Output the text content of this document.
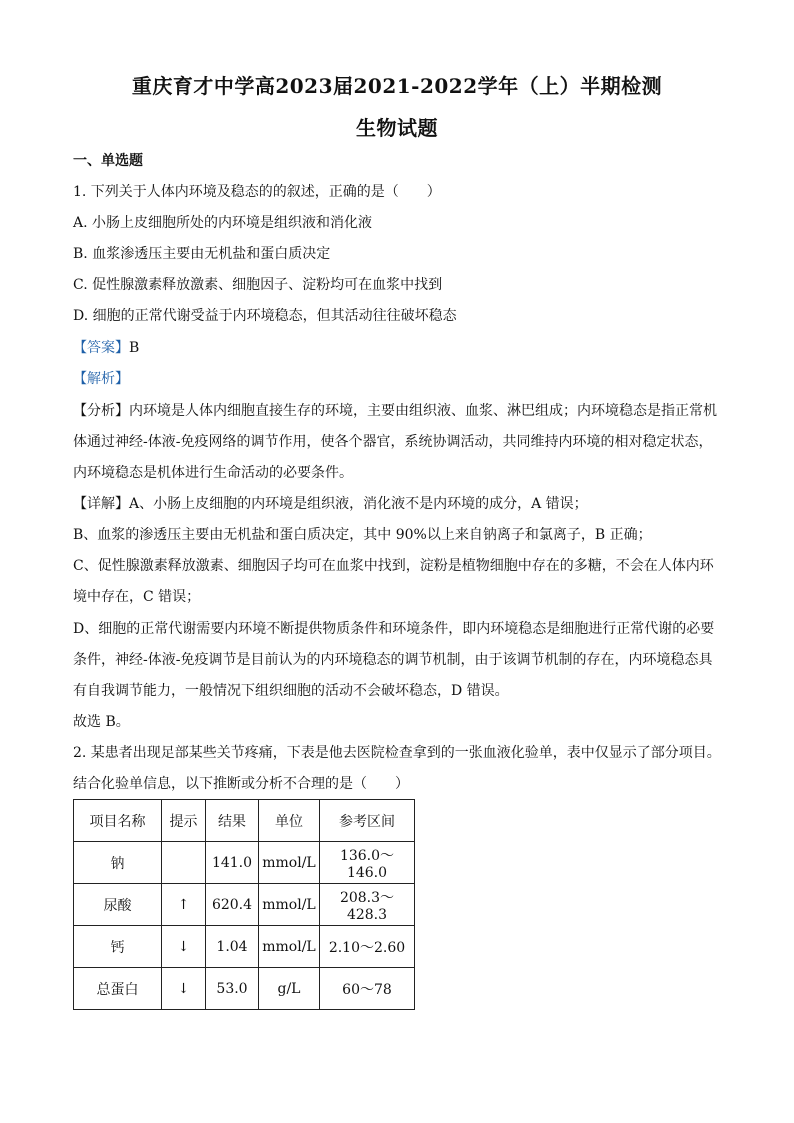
重庆育才中学高2023届2021-2022学年（上）半期检测
生物试题
一、单选题
1. 下列关于人体内环境及稳态的的叙述，正确的是（　　）
A. 小肠上皮细胞所处的内环境是组织液和消化液
B. 血浆渗透压主要由无机盐和蛋白质决定
C. 促性腺激素释放激素、细胞因子、淀粉均可在血浆中找到
D. 细胞的正常代谢受益于内环境稳态，但其活动往往破坏稳态
【答案】B
【解析】
【分析】内环境是人体内细胞直接生存的环境，主要由组织液、血浆、淋巴组成；内环境稳态是指正常机
体通过神经-体液-免疫网络的调节作用，使各个器官，系统协调活动，共同维持内环境的相对稳定状态，
内环境稳态是机体进行生命活动的必要条件。
【详解】A、小肠上皮细胞的内环境是组织液，消化液不是内环境的成分，A 错误；
B、血浆的渗透压主要由无机盐和蛋白质决定，其中 90%以上来自钠离子和氯离子，B 正确；
C、促性腺激素释放激素、细胞因子均可在血浆中找到，淀粉是植物细胞中存在的多糖，不会在人体内环
境中存在，C 错误；
D、细胞的正常代谢需要内环境不断提供物质条件和环境条件，即内环境稳态是细胞进行正常代谢的必要
条件，神经-体液-免疫调节是目前认为的内环境稳态的调节机制，由于该调节机制的存在，内环境稳态具
有自我调节能力，一般情况下组织细胞的活动不会破坏稳态，D 错误。
故选 B。
2. 某患者出现足部某些关节疼痛，下表是他去医院检查拿到的一张血液化验单，表中仅显示了部分项目。
结合化验单信息，以下推断或分析不合理的是（　　）
项目名称	提示	结果	单位	参考区间
钠		141.0	mmol/L	136.0～146.0
尿酸	↑	620.4	mmol/L	208.3～428.3
钙	↓	1.04	mmol/L	2.10～2.60
总蛋白	↓	53.0	g/L	60～78
